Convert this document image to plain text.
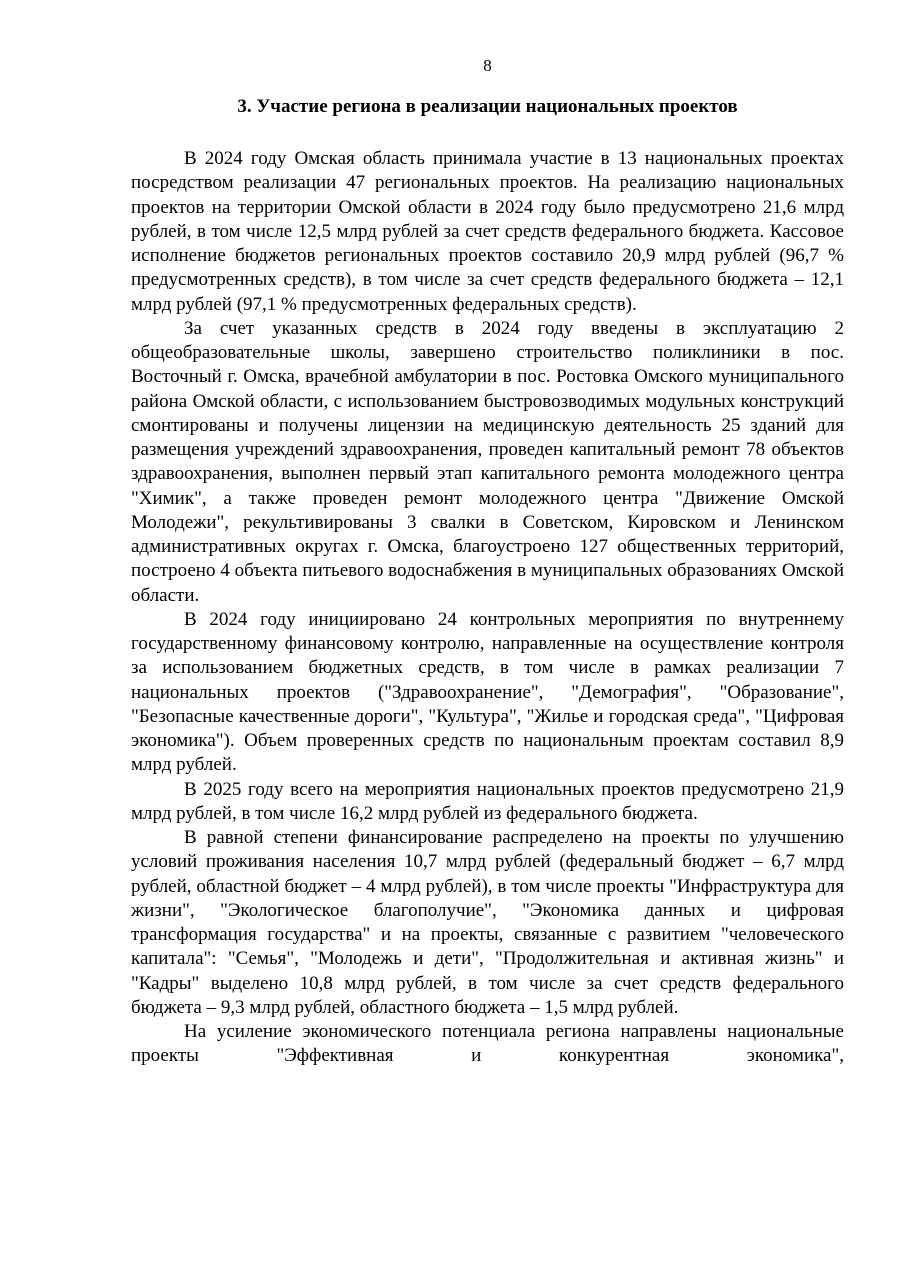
8
3. Участие региона в реализации национальных проектов

В 2024 году Омская область принимала участие в 13 национальных проектах посредством реализации 47 региональных проектов. На реализацию национальных проектов на территории Омской области в 2024 году было предусмотрено 21,6 млрд рублей, в том числе 12,5 млрд рублей за счет средств федерального бюджета. Кассовое исполнение бюджетов региональных проектов составило 20,9 млрд рублей (96,7 % предусмотренных средств), в том числе за счет средств федерального бюджета – 12,1 млрд рублей (97,1 % предусмотренных федеральных средств).

За счет указанных средств в 2024 году введены в эксплуатацию 2 общеобразовательные школы, завершено строительство поликлиники в пос. Восточный г. Омска, врачебной амбулатории в пос. Ростовка Омского муниципального района Омской области, с использованием быстровозводимых модульных конструкций смонтированы и получены лицензии на медицинскую деятельность 25 зданий для размещения учреждений здравоохранения, проведен капитальный ремонт 78 объектов здравоохранения, выполнен первый этап капитального ремонта молодежного центра "Химик", а также проведен ремонт молодежного центра "Движение Омской Молодежи", рекультивированы 3 свалки в Советском, Кировском и Ленинском административных округах г. Омска, благоустроено 127 общественных территорий, построено 4 объекта питьевого водоснабжения в муниципальных образованиях Омской области.

В 2024 году инициировано 24 контрольных мероприятия по внутреннему государственному финансовому контролю, направленные на осуществление контроля за использованием бюджетных средств, в том числе в рамках реализации 7 национальных проектов ("Здравоохранение", "Демография", "Образование", "Безопасные качественные дороги", "Культура", "Жилье и городская среда", "Цифровая экономика"). Объем проверенных средств по национальным проектам составил 8,9 млрд рублей.

В 2025 году всего на мероприятия национальных проектов предусмотрено 21,9 млрд рублей, в том числе 16,2 млрд рублей из федерального бюджета.

В равной степени финансирование распределено на проекты по улучшению условий проживания населения 10,7 млрд рублей (федеральный бюджет – 6,7 млрд рублей, областной бюджет – 4 млрд рублей), в том числе проекты "Инфраструктура для жизни", "Экологическое благополучие", "Экономика данных и цифровая трансформация государства" и на проекты, связанные с развитием "человеческого капитала": "Семья", "Молодежь и дети", "Продолжительная и активная жизнь" и "Кадры" выделено 10,8 млрд рублей, в том числе за счет средств федерального бюджета – 9,3 млрд рублей, областного бюджета – 1,5 млрд рублей.

На усиление экономического потенциала региона направлены национальные проекты "Эффективная и конкурентная экономика",
